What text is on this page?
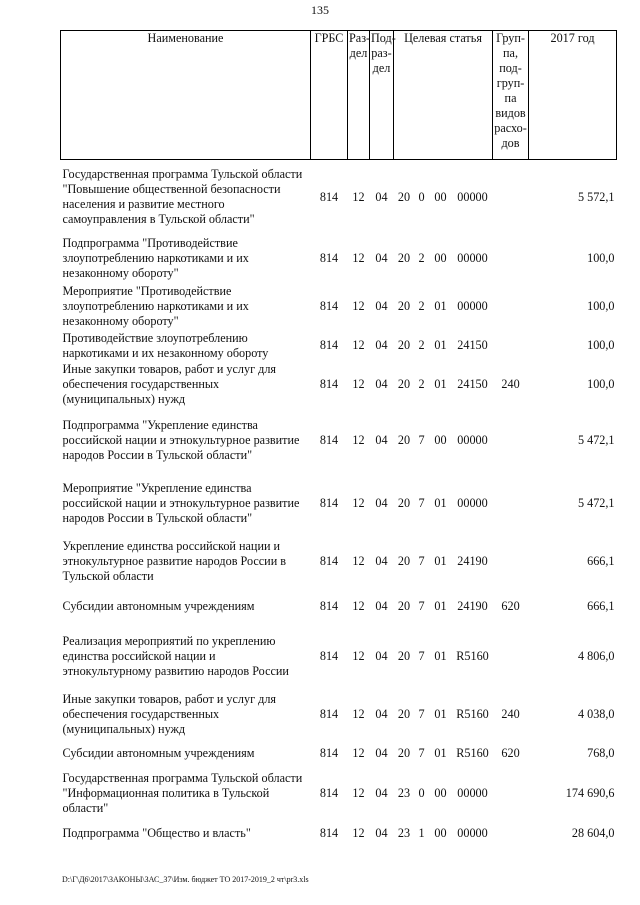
135
Наименование	ГРБС	Раз-дел	Под-раз-дел	Целевая статья				Груп-па, под-груп-па видов расхо-дов	2017 год
Государственная программа Тульской области "Повышение общественной безопасности населения и развитие местного самоуправления в Тульской области"	814	12	04	20	0	00	00000		5 572,1
Подпрограмма "Противодействие злоупотреблению наркотиками и их незаконному обороту"	814	12	04	20	2	00	00000		100,0
Мероприятие "Противодействие злоупотреблению наркотиками и их незаконному обороту"	814	12	04	20	2	01	00000		100,0
Противодействие злоупотреблению наркотиками и их незаконному обороту	814	12	04	20	2	01	24150		100,0
Иные закупки товаров, работ и услуг для обеспечения государственных (муниципальных) нужд	814	12	04	20	2	01	24150	240	100,0
Подпрограмма "Укрепление единства российской нации и этнокультурное развитие народов России в Тульской области"	814	12	04	20	7	00	00000		5 472,1
Мероприятие "Укрепление единства российской нации и этнокультурное развитие народов России в Тульской области"	814	12	04	20	7	01	00000		5 472,1
Укрепление единства российской нации и этнокультурное развитие народов России в Тульской области	814	12	04	20	7	01	24190		666,1
Субсидии автономным учреждениям	814	12	04	20	7	01	24190	620	666,1
Реализация мероприятий по укреплению единства российской нации и этнокультурному развитию народов России	814	12	04	20	7	01	R5160		4 806,0
Иные закупки товаров, работ и услуг для обеспечения государственных (муниципальных) нужд	814	12	04	20	7	01	R5160	240	4 038,0
Субсидии автономным учреждениям	814	12	04	20	7	01	R5160	620	768,0
Государственная программа Тульской области "Информационная политика в Тульской области"	814	12	04	23	0	00	00000		174 690,6
Подпрограмма "Общество и власть"	814	12	04	23	1	00	00000		28 604,0
D:\Г\Д6\2017\ЗАКОНЫ\ЗАС_37\Изм. бюджет ТО 2017-2019_2 чт\pr3.xls
